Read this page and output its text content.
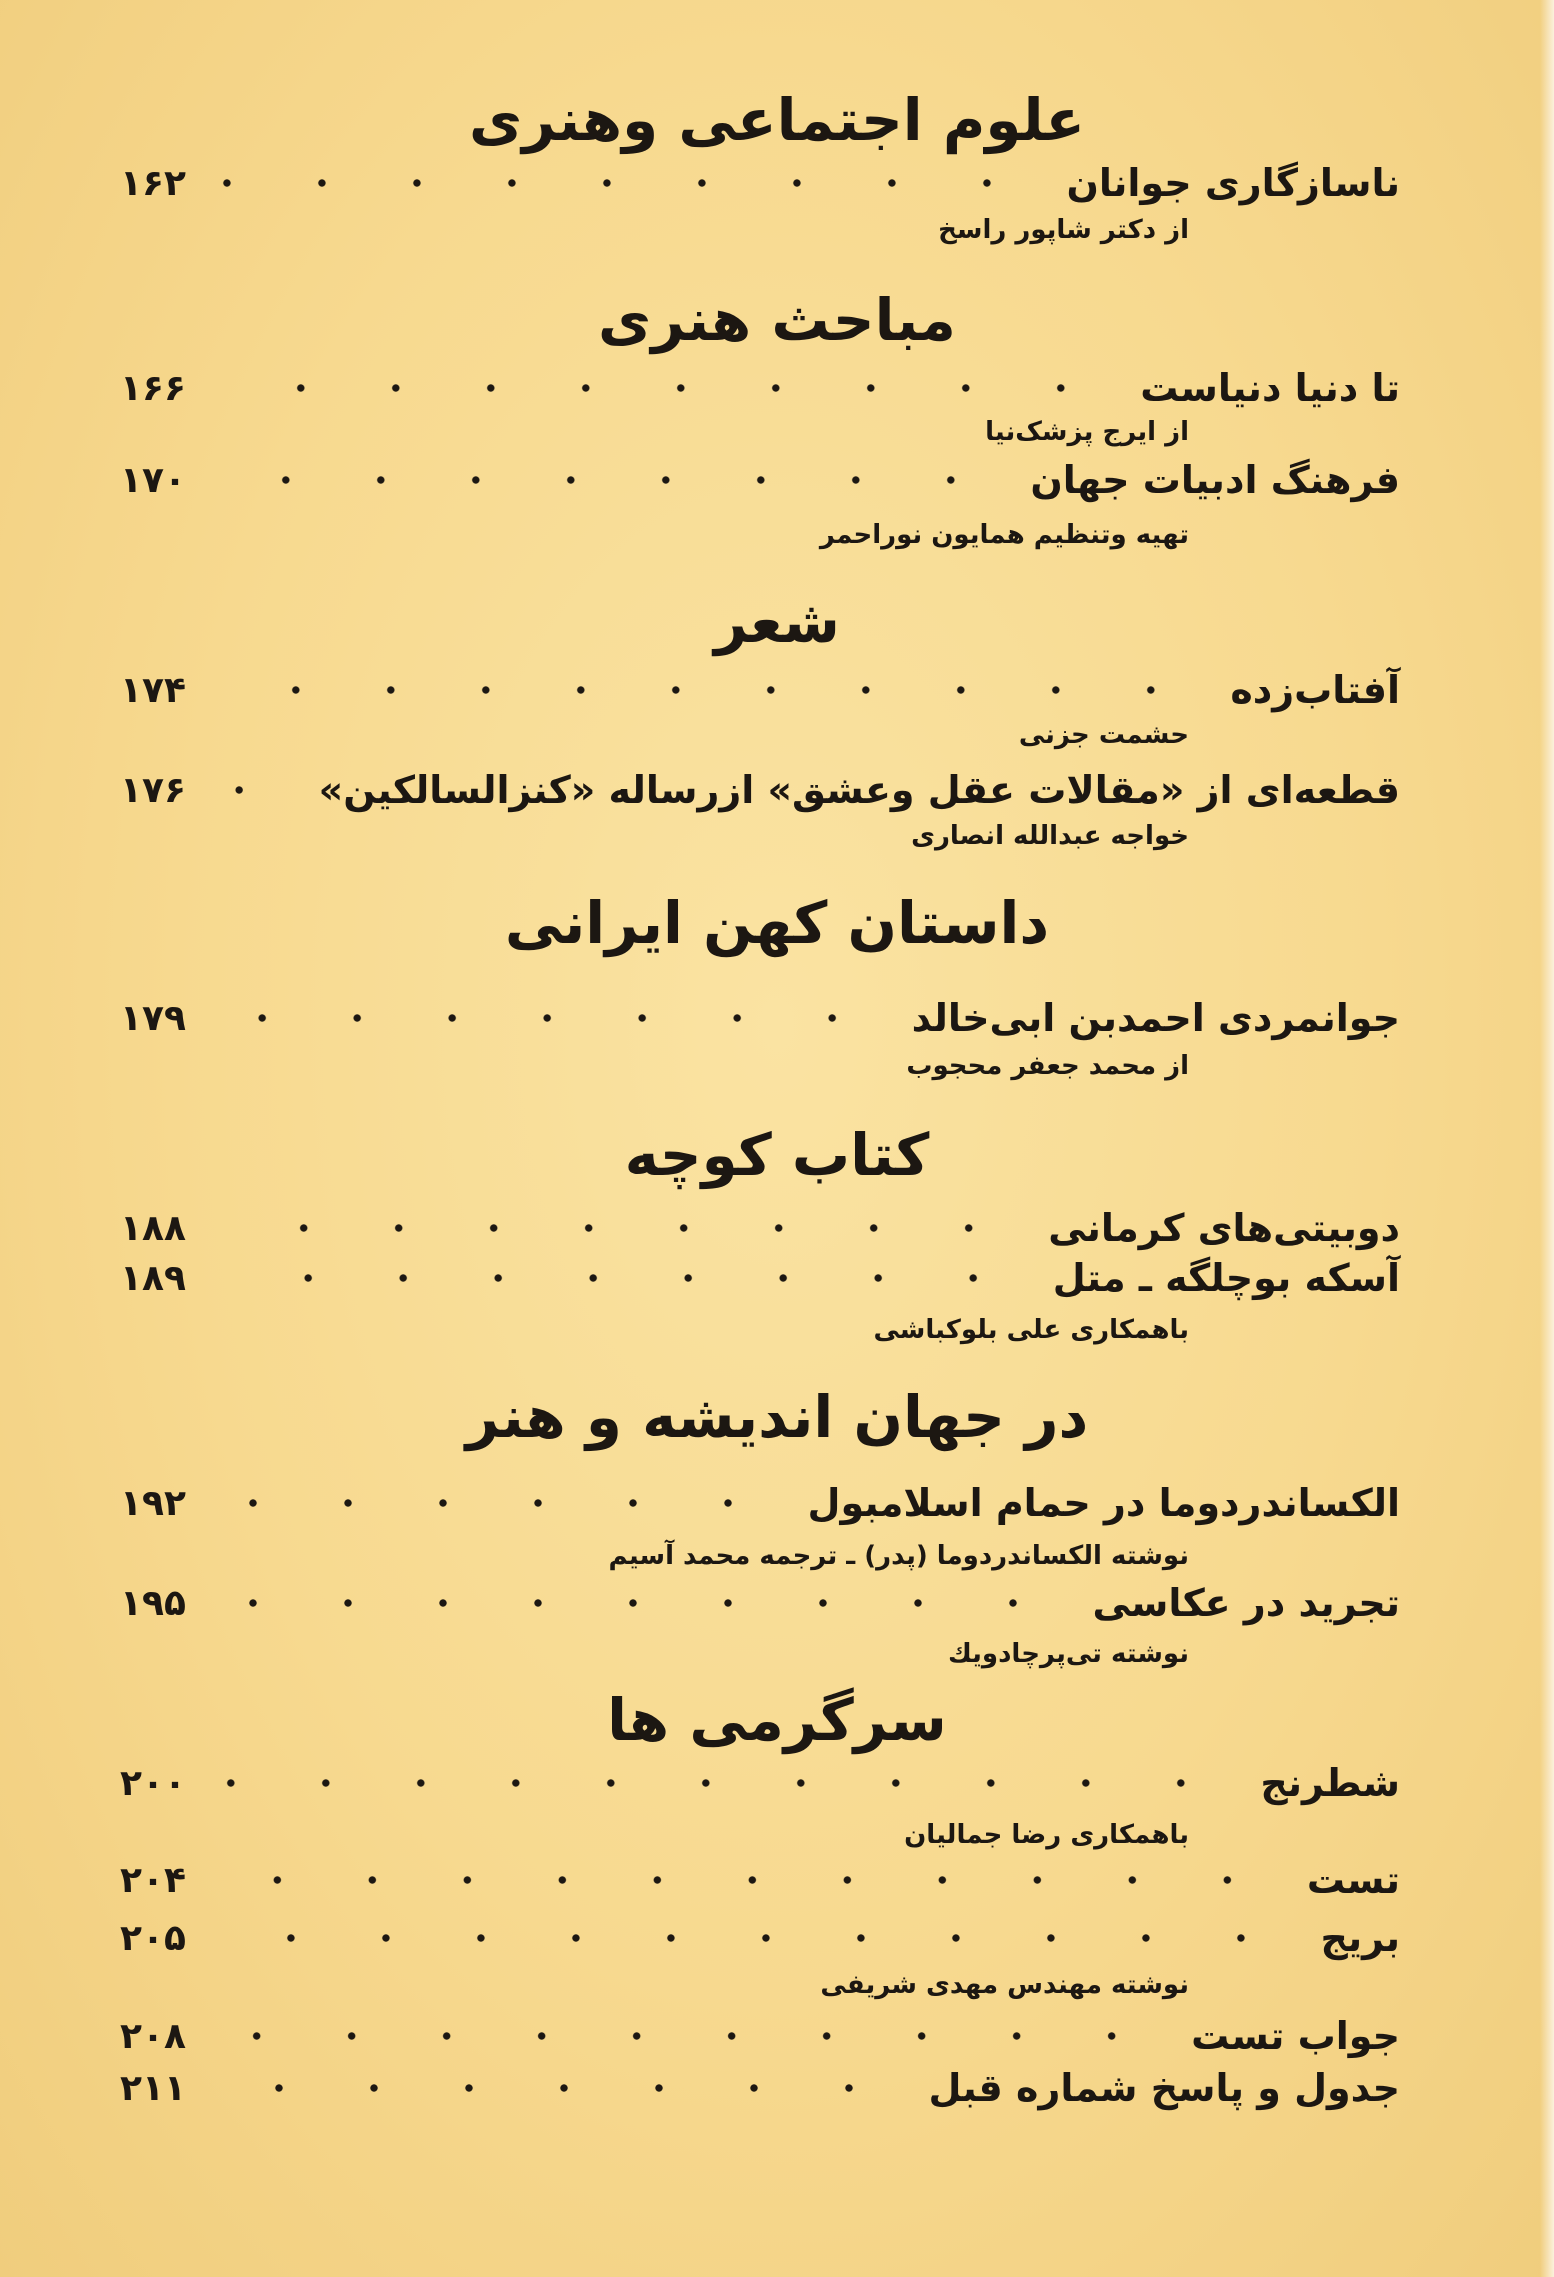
علوم اجتماعی وهنری
ناسازگاری جوانان
۱۶۲
از دکتر شاپور راسخ
مباحث هنری
تا دنیا دنیاست
۱۶۶
از ایرج پزشک‌نیا
فرهنگ ادبیات جهان
۱۷۰
تهیه وتنظیم همایون نوراحمر
شعر
آفتاب‌زده
۱۷۴
حشمت جزنی
قطعه‌ای از «مقالات عقل وعشق» ازرساله «کنزالسالکین»
۱۷۶
خواجه عبدالله انصاری
داستان کهن ایرانی
جوانمردی احمدبن ابی‌خالد
۱۷۹
از محمد جعفر محجوب
کتاب کوچه
دوبیتی‌های کرمانی
۱۸۸
آسکه بوچلگه ـ متل
۱۸۹
باهمکاری علی بلوکباشی
در جهان اندیشه و هنر
الکساندردوما در حمام اسلامبول
۱۹۲
نوشته الکساندردوما (پدر) ـ ترجمه محمد آسیم
تجرید در عکاسی
۱۹۵
نوشته تی‌پرچادویك
سرگرمی ها
شطرنج
۲۰۰
باهمکاری رضا جمالیان
تست
۲۰۴
بریج
۲۰۵
نوشته مهندس مهدی شریفی
جواب تست
۲۰۸
جدول و پاسخ شماره قبل
۲۱۱
